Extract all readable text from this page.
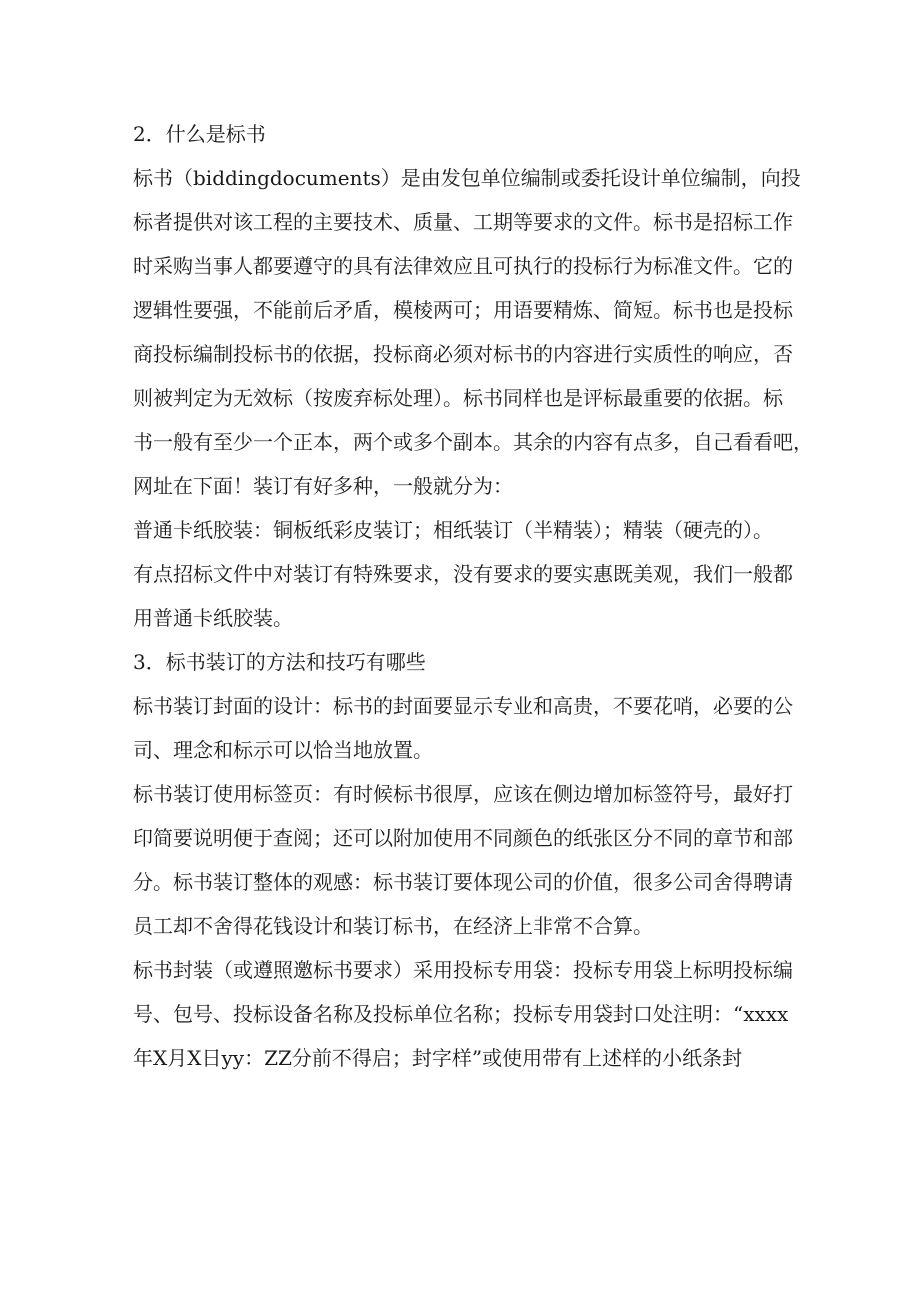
2．什么是标书
标书（biddingdocuments）是由发包单位编制或委托设计单位编制，向投
标者提供对该工程的主要技术、质量、工期等要求的文件。标书是招标工作
时采购当事人都要遵守的具有法律效应且可执行的投标行为标准文件。它的
逻辑性要强，不能前后矛盾，模棱两可；用语要精炼、简短。标书也是投标
商投标编制投标书的依据，投标商必须对标书的内容进行实质性的响应，否
则被判定为无效标（按废弃标处理）。标书同样也是评标最重要的依据。标
书一般有至少一个正本，两个或多个副本。其余的内容有点多，自己看看吧，
网址在下面！装订有好多种，一般就分为：
普通卡纸胶装：铜板纸彩皮装订；相纸装订（半精装）；精装（硬壳的）。
有点招标文件中对装订有特殊要求，没有要求的要实惠既美观，我们一般都
用普通卡纸胶装。
3．标书装订的方法和技巧有哪些
标书装订封面的设计：标书的封面要显示专业和高贵，不要花哨，必要的公
司、理念和标示可以恰当地放置。
标书装订使用标签页：有时候标书很厚，应该在侧边增加标签符号，最好打
印简要说明便于查阅；还可以附加使用不同颜色的纸张区分不同的章节和部
分。标书装订整体的观感：标书装订要体现公司的价值，很多公司舍得聘请
员工却不舍得花钱设计和装订标书，在经济上非常不合算。
标书封装（或遵照邀标书要求）采用投标专用袋：投标专用袋上标明投标编
号、包号、投标设备名称及投标单位名称；投标专用袋封口处注明：“xxxx
年X月X日yy：ZZ分前不得启；封字样”或使用带有上述样的小纸条封
